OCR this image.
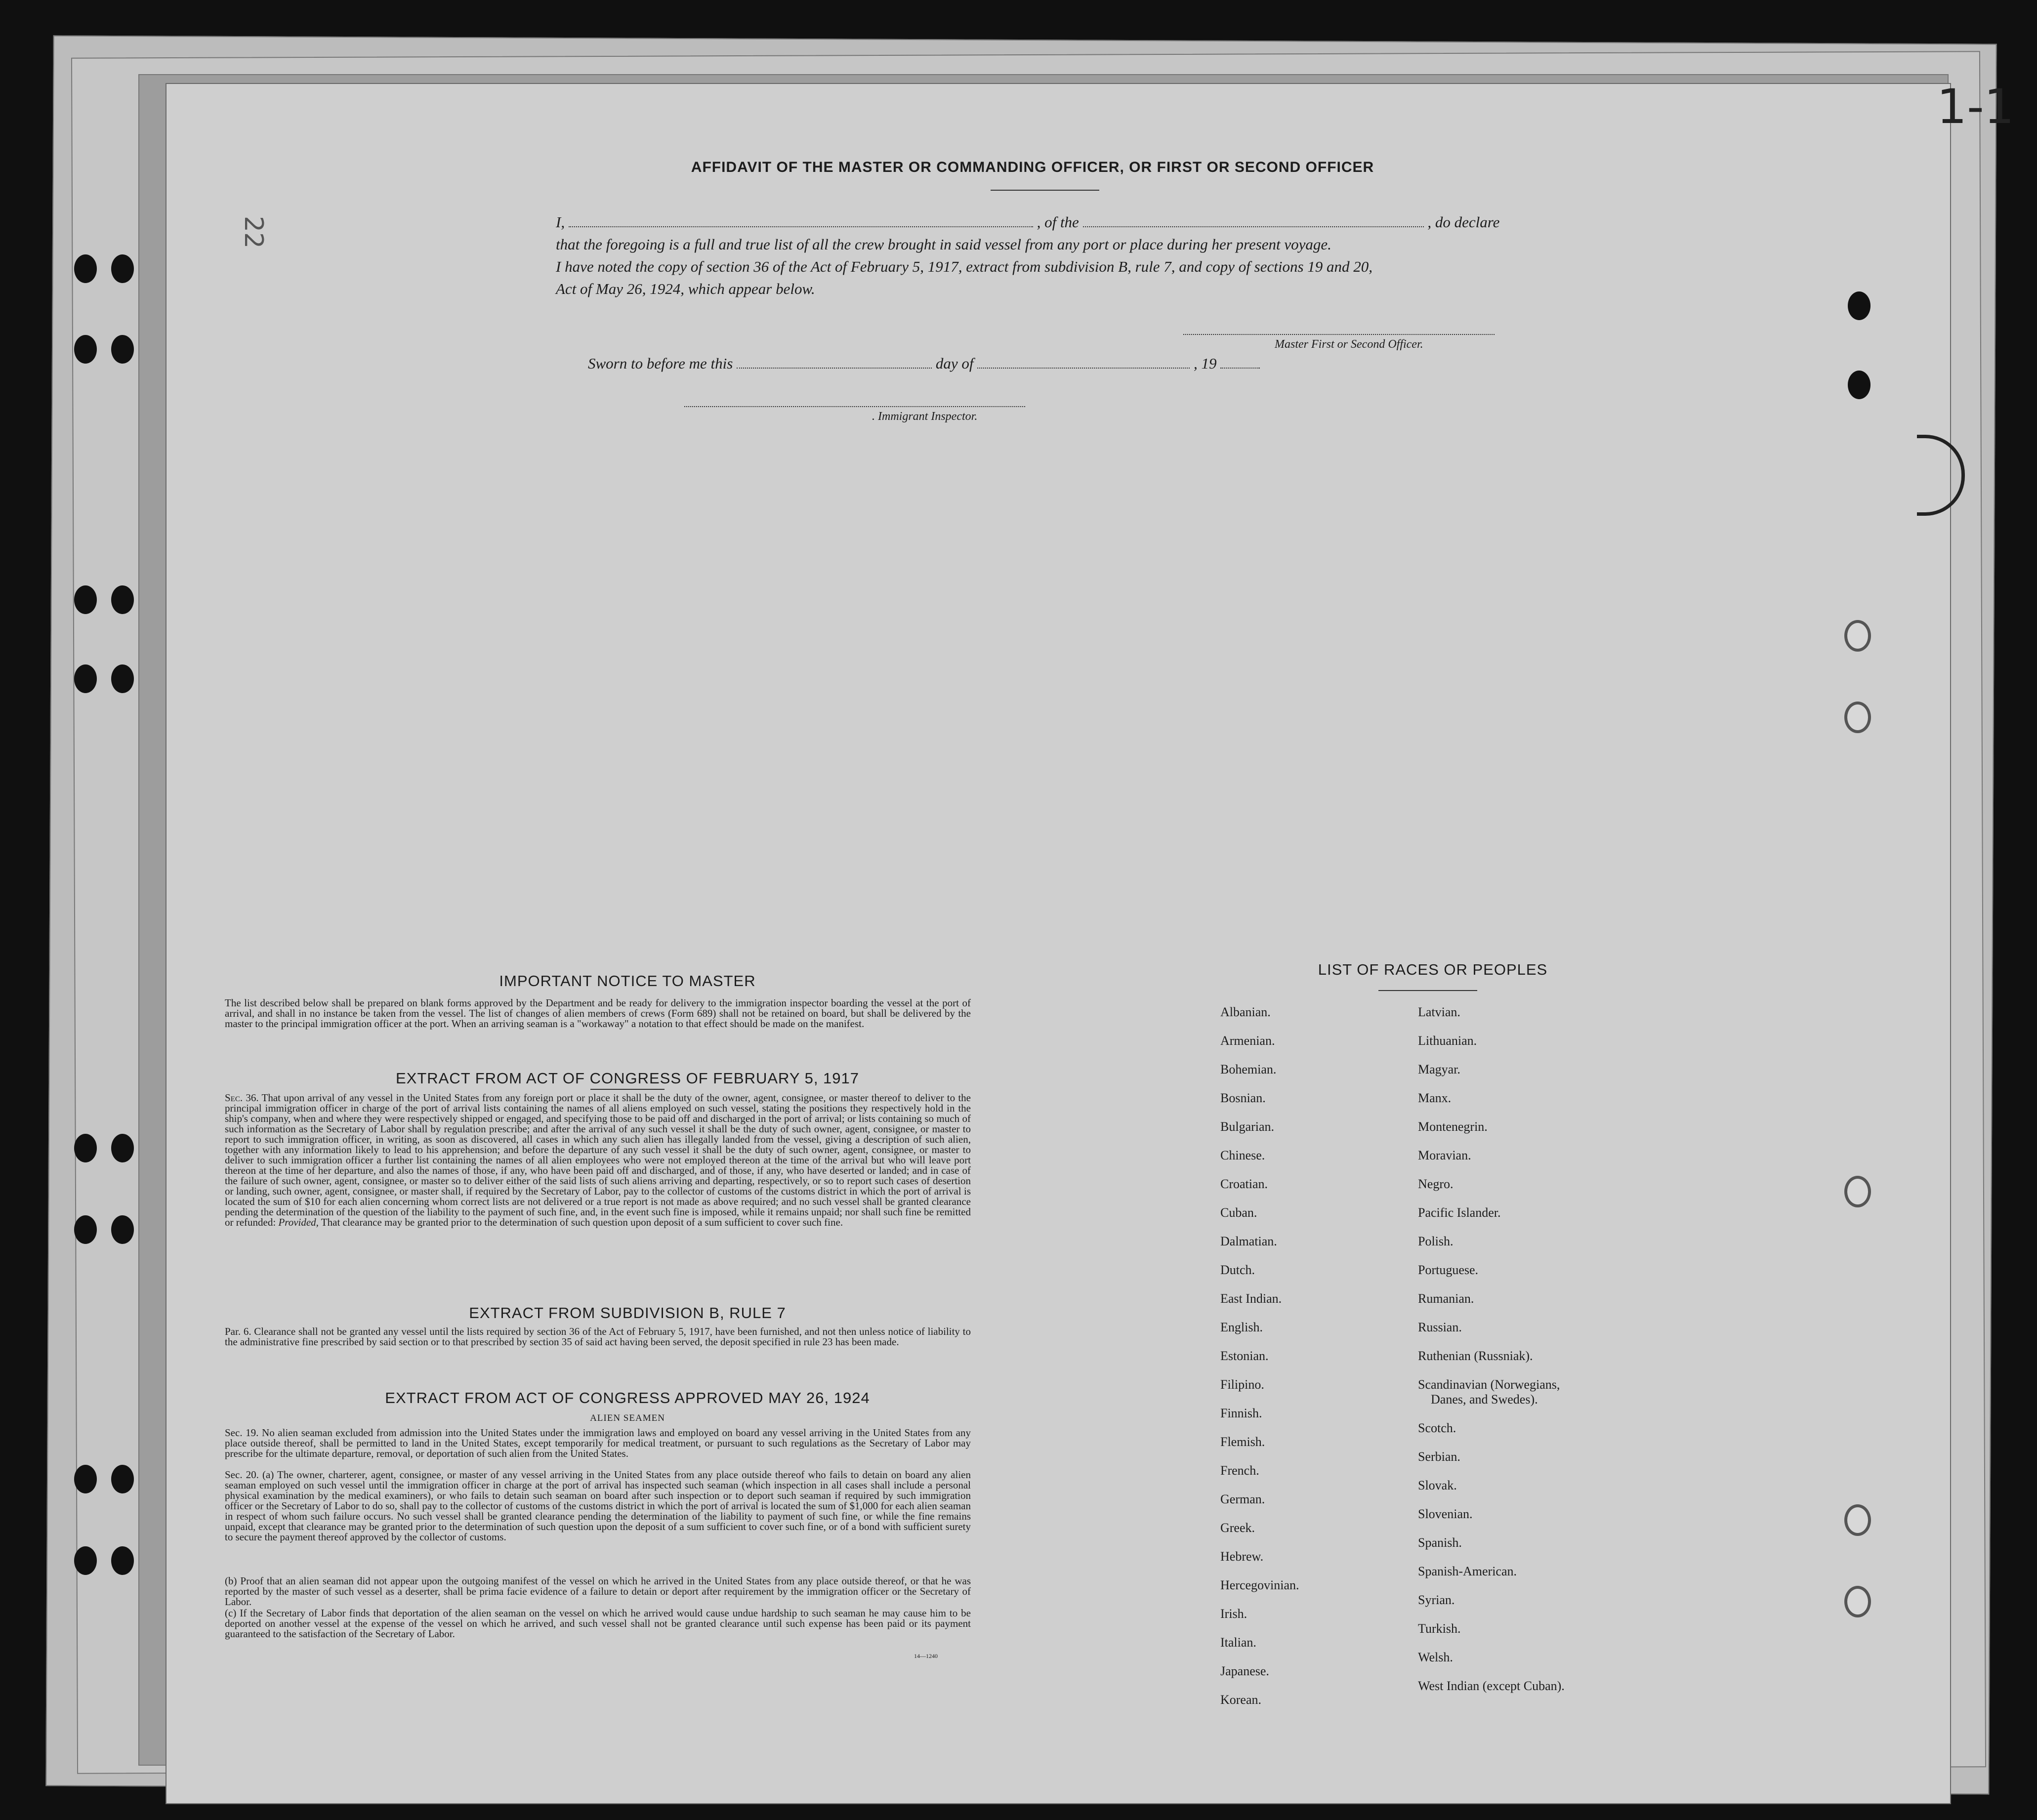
1-1
22
AFFIDAVIT OF THE MASTER OR COMMANDING OFFICER, OR FIRST OR SECOND OFFICER
I,	, of the	, do declare
that the foregoing is a full and true list of all the crew brought in said vessel from any port or place during her present voyage.
I have noted the copy of section 36 of the Act of February 5, 1917, extract from subdivision B, rule 7, and copy of sections 19 and 20,
Act of May 26, 1924, which appear below.
Master First or Second Officer.
Sworn to before me this	day of	, 19
. Immigrant Inspector.
IMPORTANT NOTICE TO MASTER
The list described below shall be prepared on blank forms approved by the Department and be ready for delivery to the immigration inspector boarding the vessel at the port of arrival, and shall in no instance be taken from the vessel. The list of changes of alien members of crews (Form 689) shall not be retained on board, but shall be delivered by the master to the principal immigration officer at the port. When an arriving seaman is a "workaway" a notation to that effect should be made on the manifest.
EXTRACT FROM ACT OF CONGRESS OF FEBRUARY 5, 1917
Sec. 36. That upon arrival of any vessel in the United States from any foreign port or place it shall be the duty of the owner, agent, consignee, or master thereof to deliver to the principal immigration officer in charge of the port of arrival lists containing the names of all aliens employed on such vessel, stating the positions they respectively hold in the ship's company, when and where they were respectively shipped or engaged, and specifying those to be paid off and discharged in the port of arrival; or lists containing so much of such information as the Secretary of Labor shall by regulation prescribe; and after the arrival of any such vessel it shall be the duty of such owner, agent, consignee, or master to report to such immigration officer, in writing, as soon as discovered, all cases in which any such alien has illegally landed from the vessel, giving a description of such alien, together with any information likely to lead to his apprehension; and before the departure of any such vessel it shall be the duty of such owner, agent, consignee, or master to deliver to such immigration officer a further list containing the names of all alien employees who were not employed thereon at the time of the arrival but who will leave port thereon at the time of her departure, and also the names of those, if any, who have been paid off and discharged, and of those, if any, who have deserted or landed; and in case of the failure of such owner, agent, consignee, or master so to deliver either of the said lists of such aliens arriving and departing, respectively, or so to report such cases of desertion or landing, such owner, agent, consignee, or master shall, if required by the Secretary of Labor, pay to the collector of customs of the customs district in which the port of arrival is located the sum of $10 for each alien concerning whom correct lists are not delivered or a true report is not made as above required; and no such vessel shall be granted clearance pending the determination of the question of the liability to the payment of such fine, and, in the event such fine is imposed, while it remains unpaid; nor shall such fine be remitted or refunded: Provided, That clearance may be granted prior to the determination of such question upon deposit of a sum sufficient to cover such fine.
EXTRACT FROM SUBDIVISION B, RULE 7
Par. 6. Clearance shall not be granted any vessel until the lists required by section 36 of the Act of February 5, 1917, have been furnished, and not then unless notice of liability to the administrative fine prescribed by said section or to that prescribed by section 35 of said act having been served, the deposit specified in rule 23 has been made.
EXTRACT FROM ACT OF CONGRESS APPROVED MAY 26, 1924
ALIEN SEAMEN
Sec. 19. No alien seaman excluded from admission into the United States under the immigration laws and employed on board any vessel arriving in the United States from any place outside thereof, shall be permitted to land in the United States, except temporarily for medical treatment, or pursuant to such regulations as the Secretary of Labor may prescribe for the ultimate departure, removal, or deportation of such alien from the United States.
Sec. 20. (a) The owner, charterer, agent, consignee, or master of any vessel arriving in the United States from any place outside thereof who fails to detain on board any alien seaman employed on such vessel until the immigration officer in charge at the port of arrival has inspected such seaman (which inspection in all cases shall include a personal physical examination by the medical examiners), or who fails to detain such seaman on board after such inspection or to deport such seaman if required by such immigration officer or the Secretary of Labor to do so, shall pay to the collector of customs of the customs district in which the port of arrival is located the sum of $1,000 for each alien seaman in respect of whom such failure occurs. No such vessel shall be granted clearance pending the determination of the liability to payment of such fine, or while the fine remains unpaid, except that clearance may be granted prior to the determination of such question upon the deposit of a sum sufficient to cover such fine, or of a bond with sufficient surety to secure the payment thereof approved by the collector of customs.
(b) Proof that an alien seaman did not appear upon the outgoing manifest of the vessel on which he arrived in the United States from any place outside thereof, or that he was reported by the master of such vessel as a deserter, shall be prima facie evidence of a failure to detain or deport after requirement by the immigration officer or the Secretary of Labor.
(c) If the Secretary of Labor finds that deportation of the alien seaman on the vessel on which he arrived would cause undue hardship to such seaman he may cause him to be deported on another vessel at the expense of the vessel on which he arrived, and such vessel shall not be granted clearance until such expense has been paid or its payment guaranteed to the satisfaction of the Secretary of Labor.
14—1240
LIST OF RACES OR PEOPLES
Albanian.
Armenian.
Bohemian.
Bosnian.
Bulgarian.
Chinese.
Croatian.
Cuban.
Dalmatian.
Dutch.
East Indian.
English.
Estonian.
Filipino.
Finnish.
Flemish.
French.
German.
Greek.
Hebrew.
Hercegovinian.
Irish.
Italian.
Japanese.
Korean.
Latvian.
Lithuanian.
Magyar.
Manx.
Montenegrin.
Moravian.
Negro.
Pacific Islander.
Polish.
Portuguese.
Rumanian.
Russian.
Ruthenian (Russniak).
Scandinavian (Norwegians,
Danes, and Swedes).
Scotch.
Serbian.
Slovak.
Slovenian.
Spanish.
Spanish-American.
Syrian.
Turkish.
Welsh.
West Indian (except Cuban).
